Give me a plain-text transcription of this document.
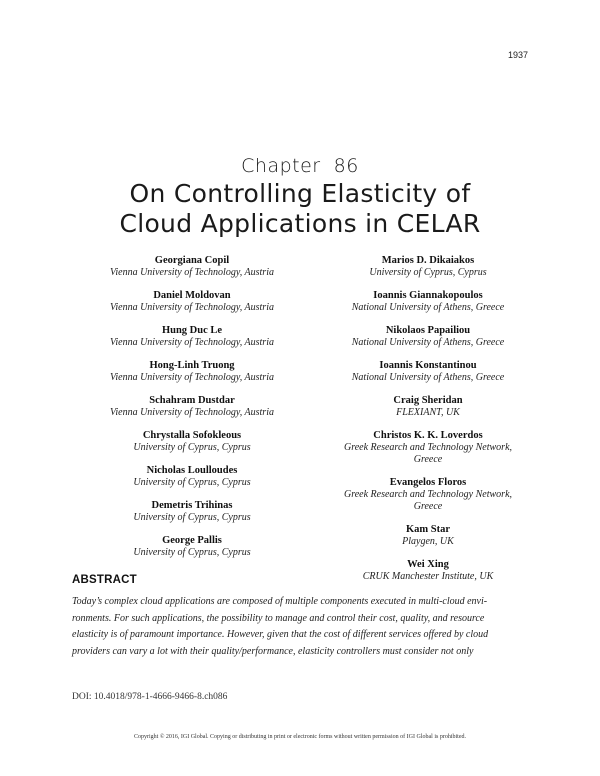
1937
Chapter  86
On Controlling Elasticity of
Cloud Applications in CELAR
Georgiana Copil
Vienna University of Technology, Austria
Daniel Moldovan
Vienna University of Technology, Austria
Hung Duc Le
Vienna University of Technology, Austria
Hong-Linh Truong
Vienna University of Technology, Austria
Schahram Dustdar
Vienna University of Technology, Austria
Chrystalla Sofokleous
University of Cyprus, Cyprus
Nicholas Loulloudes
University of Cyprus, Cyprus
Demetris Trihinas
University of Cyprus, Cyprus
George Pallis
University of Cyprus, Cyprus
Marios D. Dikaiakos
University of Cyprus, Cyprus
Ioannis Giannakopoulos
National University of Athens, Greece
Nikolaos Papailiou
National University of Athens, Greece
Ioannis Konstantinou
National University of Athens, Greece
Craig Sheridan
FLEXIANT, UK
Christos K. K. Loverdos
Greek Research and Technology Network,
Greece
Evangelos Floros
Greek Research and Technology Network,
Greece
Kam Star
Playgen, UK
Wei Xing
CRUK Manchester Institute, UK
ABSTRACT
Today’s complex cloud applications are composed of multiple components executed in multi-cloud envi-
ronments. For such applications, the possibility to manage and control their cost, quality, and resource
elasticity is of paramount importance. However, given that the cost of different services offered by cloud
providers can vary a lot with their quality/performance, elasticity controllers must consider not only
DOI: 10.4018/978-1-4666-9466-8.ch086
Copyright © 2016, IGI Global. Copying or distributing in print or electronic forms without written permission of IGI Global is prohibited.
